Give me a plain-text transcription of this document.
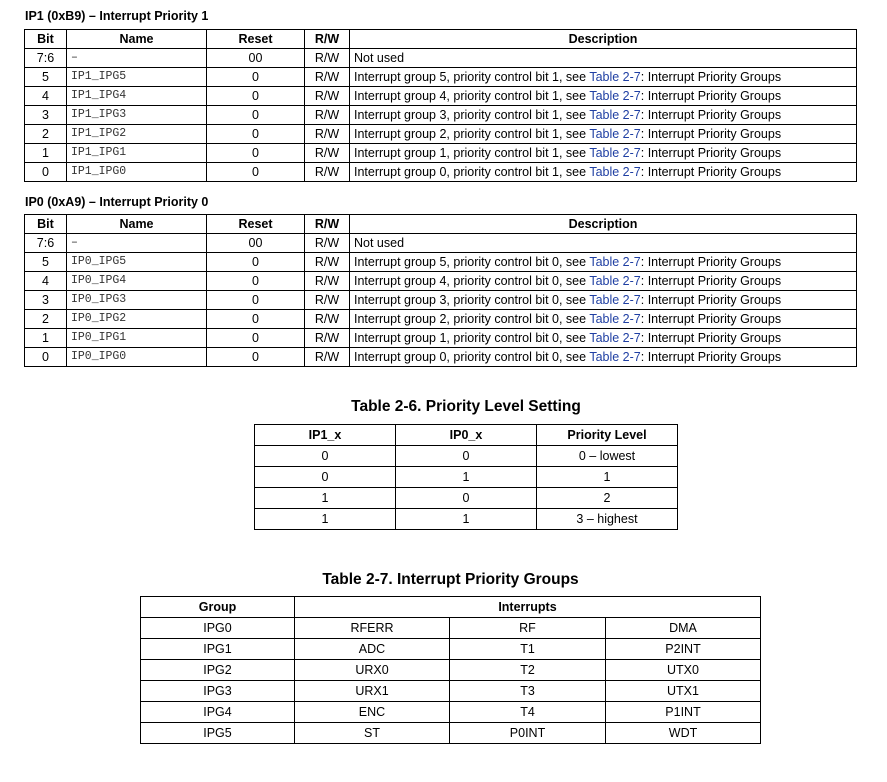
IP1 (0xB9) – Interrupt Priority 1
Bit	Name	Reset	R/W	Description
7:6	–	00	R/W	Not used
5	IP1_IPG5	0	R/W	Interrupt group 5, priority control bit 1, see Table 2-7: Interrupt Priority Groups
4	IP1_IPG4	0	R/W	Interrupt group 4, priority control bit 1, see Table 2-7: Interrupt Priority Groups
3	IP1_IPG3	0	R/W	Interrupt group 3, priority control bit 1, see Table 2-7: Interrupt Priority Groups
2	IP1_IPG2	0	R/W	Interrupt group 2, priority control bit 1, see Table 2-7: Interrupt Priority Groups
1	IP1_IPG1	0	R/W	Interrupt group 1, priority control bit 1, see Table 2-7: Interrupt Priority Groups
0	IP1_IPG0	0	R/W	Interrupt group 0, priority control bit 1, see Table 2-7: Interrupt Priority Groups
IP0 (0xA9) – Interrupt Priority 0
Bit	Name	Reset	R/W	Description
7:6	–	00	R/W	Not used
5	IP0_IPG5	0	R/W	Interrupt group 5, priority control bit 0, see Table 2-7: Interrupt Priority Groups
4	IP0_IPG4	0	R/W	Interrupt group 4, priority control bit 0, see Table 2-7: Interrupt Priority Groups
3	IP0_IPG3	0	R/W	Interrupt group 3, priority control bit 0, see Table 2-7: Interrupt Priority Groups
2	IP0_IPG2	0	R/W	Interrupt group 2, priority control bit 0, see Table 2-7: Interrupt Priority Groups
1	IP0_IPG1	0	R/W	Interrupt group 1, priority control bit 0, see Table 2-7: Interrupt Priority Groups
0	IP0_IPG0	0	R/W	Interrupt group 0, priority control bit 0, see Table 2-7: Interrupt Priority Groups
Table 2-6. Priority Level Setting
IP1_x	IP0_x	Priority Level
0	0	0 – lowest
0	1	1
1	0	2
1	1	3 – highest
Table 2-7. Interrupt Priority Groups
Group	Interrupts		
IPG0	RFERR	RF	DMA
IPG1	ADC	T1	P2INT
IPG2	URX0	T2	UTX0
IPG3	URX1	T3	UTX1
IPG4	ENC	T4	P1INT
IPG5	ST	P0INT	WDT
